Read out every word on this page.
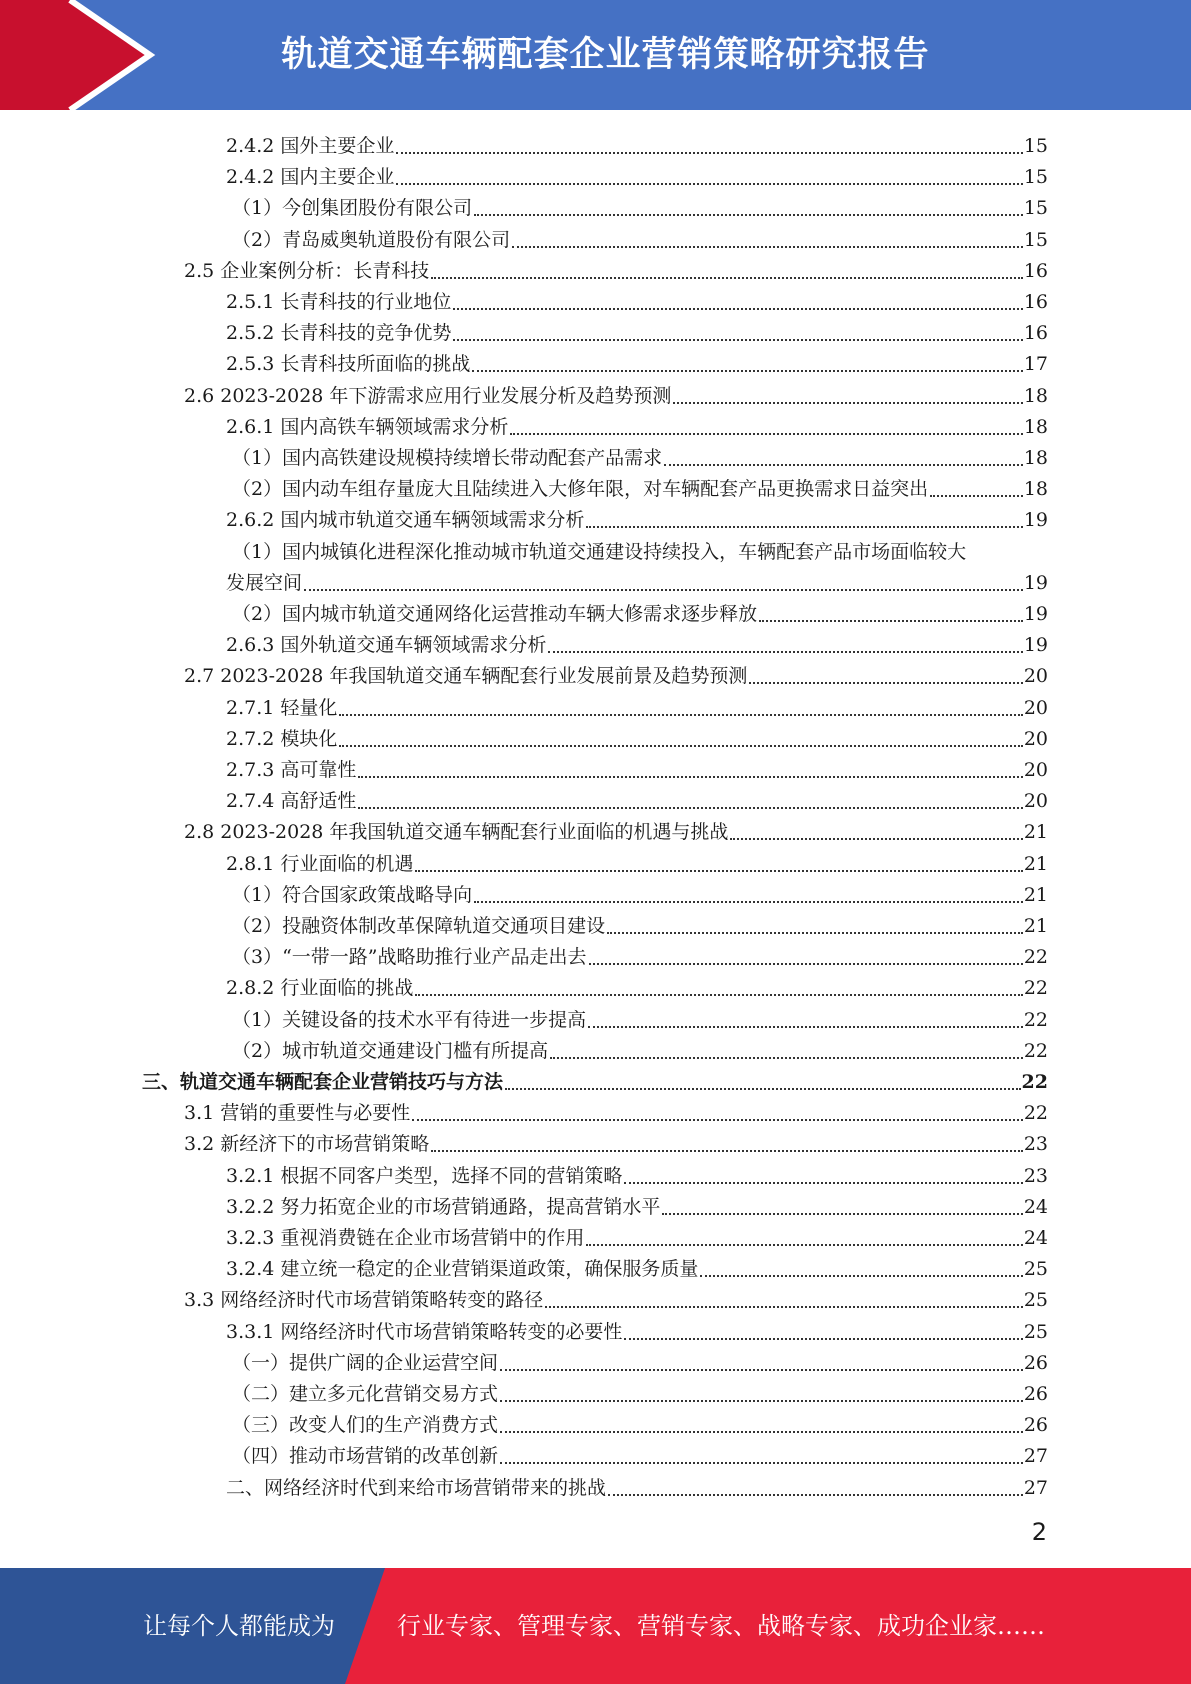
轨道交通车辆配套企业营销策略研究报告
2.4.2 国外主要企业	15
2.4.2 国内主要企业	15
（1）今创集团股份有限公司	15
（2）青岛威奥轨道股份有限公司	15
2.5 企业案例分析：长青科技	16
2.5.1 长青科技的行业地位	16
2.5.2 长青科技的竞争优势	16
2.5.3 长青科技所面临的挑战	17
2.6 2023-2028 年下游需求应用行业发展分析及趋势预测	18
2.6.1 国内高铁车辆领域需求分析	18
（1）国内高铁建设规模持续增长带动配套产品需求	18
（2）国内动车组存量庞大且陆续进入大修年限，对车辆配套产品更换需求日益突出	18
2.6.2 国内城市轨道交通车辆领域需求分析	19
（1）国内城镇化进程深化推动城市轨道交通建设持续投入，车辆配套产品市场面临较大
发展空间	19
（2）国内城市轨道交通网络化运营推动车辆大修需求逐步释放	19
2.6.3 国外轨道交通车辆领域需求分析	19
2.7 2023-2028 年我国轨道交通车辆配套行业发展前景及趋势预测	20
2.7.1 轻量化	20
2.7.2 模块化	20
2.7.3 高可靠性	20
2.7.4 高舒适性	20
2.8 2023-2028 年我国轨道交通车辆配套行业面临的机遇与挑战	21
2.8.1 行业面临的机遇	21
（1）符合国家政策战略导向	21
（2）投融资体制改革保障轨道交通项目建设	21
（3）“一带一路”战略助推行业产品走出去	22
2.8.2 行业面临的挑战	22
（1）关键设备的技术水平有待进一步提高	22
（2）城市轨道交通建设门槛有所提高	22
三、轨道交通车辆配套企业营销技巧与方法	22
3.1 营销的重要性与必要性	22
3.2 新经济下的市场营销策略	23
3.2.1 根据不同客户类型，选择不同的营销策略	23
3.2.2 努力拓宽企业的市场营销通路，提高营销水平	24
3.2.3 重视消费链在企业市场营销中的作用	24
3.2.4 建立统一稳定的企业营销渠道政策，确保服务质量	25
3.3 网络经济时代市场营销策略转变的路径	25
3.3.1 网络经济时代市场营销策略转变的必要性	25
（一）提供广阔的企业运营空间	26
（二）建立多元化营销交易方式	26
（三）改变人们的生产消费方式	26
（四）推动市场营销的改革创新	27
二、网络经济时代到来给市场营销带来的挑战	27
2
让每个人都能成为	行业专家、管理专家、营销专家、战略专家、成功企业家……
